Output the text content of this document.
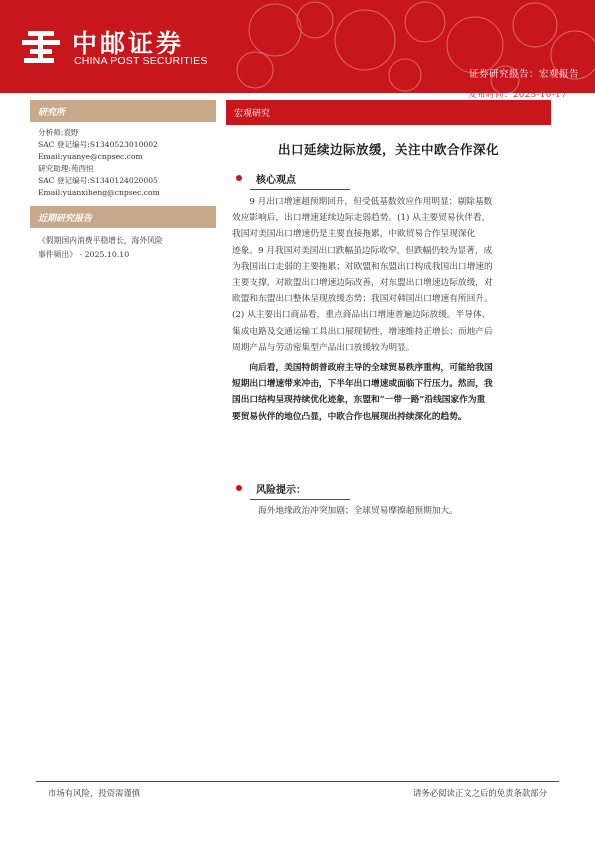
中邮证券
CHINA POST SECURITIES
证券研究报告：宏观报告
发布时间：2025-10-17
研究所
分析师:袁野
SAC 登记编号:S1340523010002
Email:yuanye@cnpsec.com
研究助理:苑西恒
SAC 登记编号:S1340124020005
Email:yuanxiheng@cnpsec.com
近期研究报告
《假期国内消费平稳增长，海外风险
事件频出》 - 2025.10.10
宏观研究
出口延续边际放缓，关注中欧合作深化
核心观点
　　9 月出口增速超预期回升，但受低基数效应作用明显；剔除基数
效应影响后，出口增速延续边际走弱趋势。(1) 从主要贸易伙伴看，
我国对美国出口增速仍是主要直接拖累，中欧贸易合作呈现深化
迹象。9 月我国对美国出口跌幅虽边际收窄，但跌幅仍较为显著，成
为我国出口走弱的主要拖累；对欧盟和东盟出口构成我国出口增速的
主要支撑，对欧盟出口增速边际改善，对东盟出口增速边际放缓，对
欧盟和东盟出口整体呈现放缓态势；我国对韩国出口增速有所回升。
(2) 从主要出口商品看，重点商品出口增速普遍边际放缓。半导体、
集成电路及交通运输工具出口展现韧性，增速维持正增长；而地产后
周期产品与劳动密集型产品出口放缓较为明显。
　　向后看，美国特朗普政府主导的全球贸易秩序重构，可能给我国
短期出口增速带来冲击，下半年出口增速或面临下行压力。然而，我
国出口结构呈现持续优化迹象，东盟和“一带一路”沿线国家作为重
要贸易伙伴的地位凸显，中欧合作也展现出持续深化的趋势。
风险提示：
海外地缘政治冲突加剧；全球贸易摩擦超预期加大。
市场有风险，投资需谨慎	请务必阅读正文之后的免责条款部分
